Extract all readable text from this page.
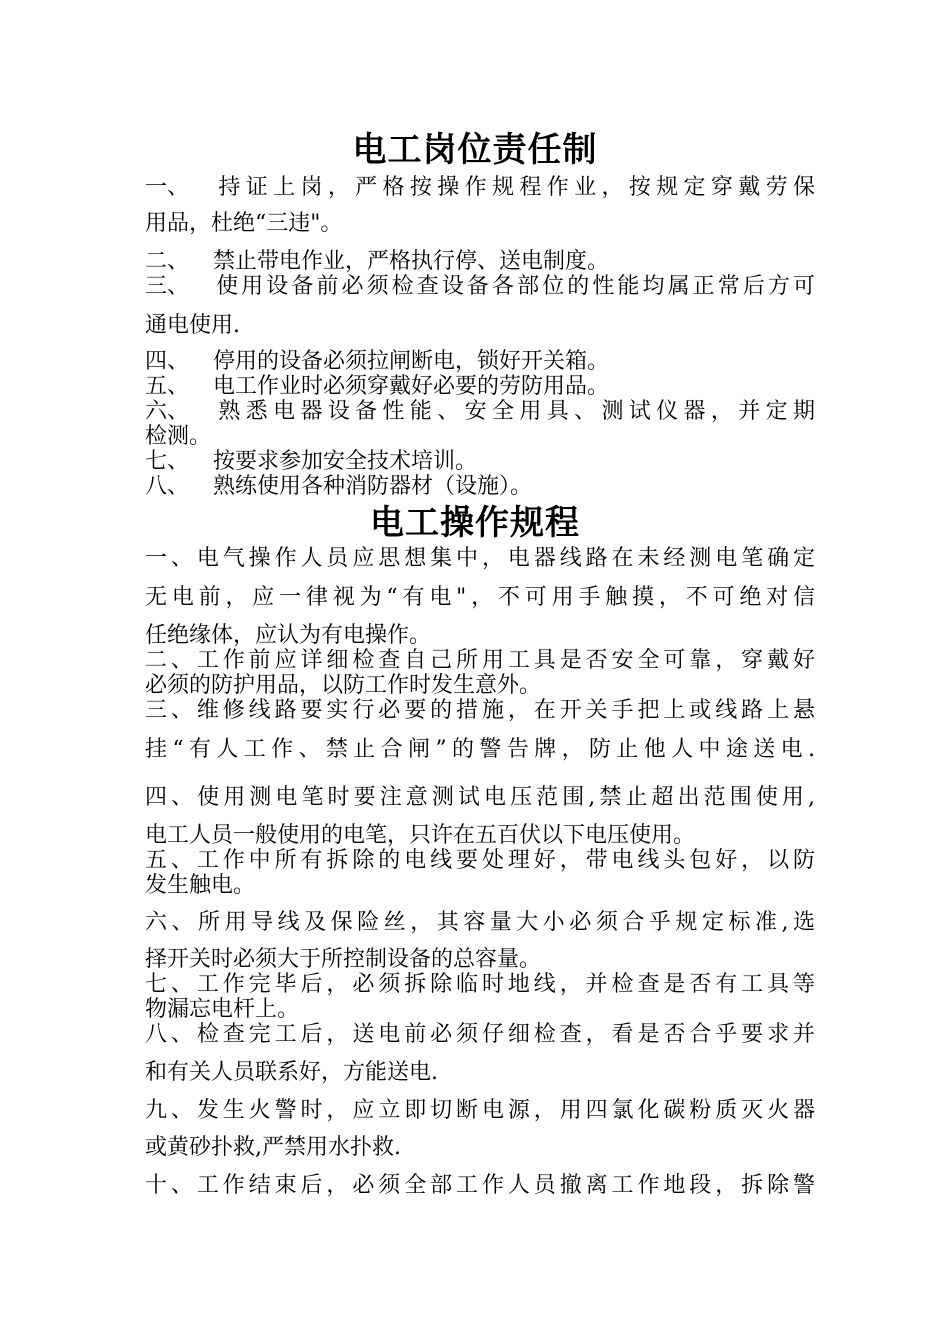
电工岗位责任制
一、 持证上岗，严格按操作规程作业，按规定穿戴劳保
用品，杜绝“三违"。
二、 禁止带电作业，严格执行停、送电制度。
三、 使用设备前必须检查设备各部位的性能均属正常后方可
通电使用.
四、 停用的设备必须拉闸断电，锁好开关箱。
五、 电工作业时必须穿戴好必要的劳防用品。
六、 熟悉电器设备性能、安全用具、测试仪器，并定期
检测。
七、 按要求参加安全技术培训。
八、 熟练使用各种消防器材（设施）。
电工操作规程
一、电气操作人员应思想集中，电器线路在未经测电笔确定
无电前，应一律视为“有电"，不可用手触摸，不可绝对信
任绝缘体，应认为有电操作。
二、工作前应详细检查自己所用工具是否安全可靠，穿戴好
必须的防护用品，以防工作时发生意外。
三、维修线路要实行必要的措施，在开关手把上或线路上悬
挂“有人工作、禁止合闸”的警告牌，防止他人中途送电.
四、使用测电笔时要注意测试电压范围,禁止超出范围使用,
电工人员一般使用的电笔，只许在五百伏以下电压使用。
五、工作中所有拆除的电线要处理好，带电线头包好，以防
发生触电。
六、所用导线及保险丝，其容量大小必须合乎规定标准,选
择开关时必须大于所控制设备的总容量。
七、工作完毕后，必须拆除临时地线，并检查是否有工具等
物漏忘电杆上。
八、检查完工后，送电前必须仔细检查，看是否合乎要求并
和有关人员联系好，方能送电.
九、发生火警时，应立即切断电源，用四氯化碳粉质灭火器
或黄砂扑救,严禁用水扑救.
十、工作结束后，必须全部工作人员撤离工作地段，拆除警
